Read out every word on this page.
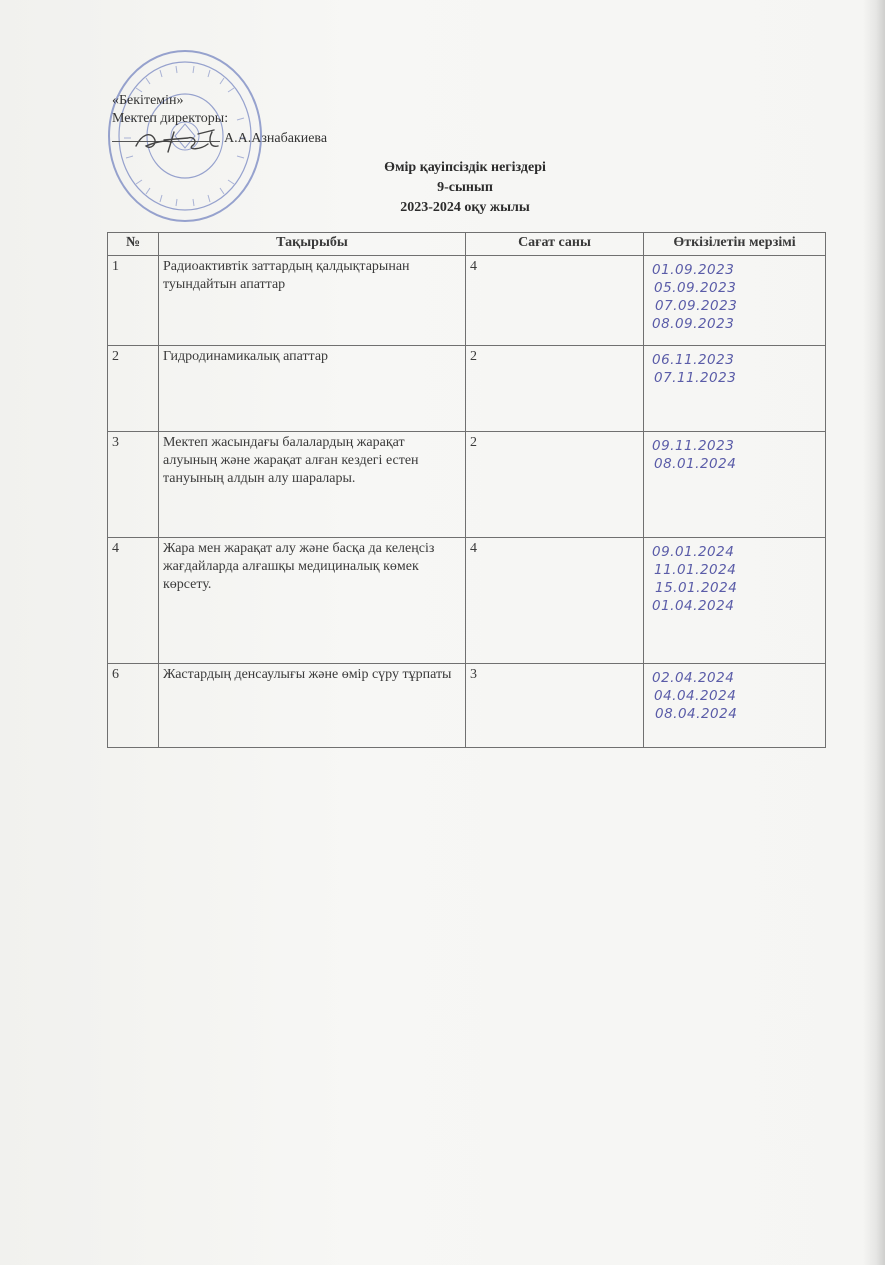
«Бекітемін»
Мектеп директоры:
А.А.Азнабакиева
Өмір қауіпсіздік негіздері
9-сынып
2023-2024 оқу жылы
№	Тақырыбы	Сағат саны	Өткізілетін мерзімі
1	Радиоактивтік заттардың қалдықтарынан туындайтын апаттар	4	01.09.2023
05.09.2023
07.09.2023
08.09.2023

2	Гидродинамикалық апаттар	2	06.11.2023
07.11.2023

3	Мектеп жасындағы балалардың жарақат алуының және жарақат алған кездегі естен тануының алдын алу шаралары.	2	09.11.2023
08.01.2024

4	Жара мен жарақат алу және басқа да келеңсіз жағдайларда алғашқы медициналық көмек көрсету.	4	09.01.2024
11.01.2024
15.01.2024
01.04.2024

6	Жастардың денсаулығы және өмір сүру тұрпаты	3	02.04.2024
04.04.2024
08.04.2024
